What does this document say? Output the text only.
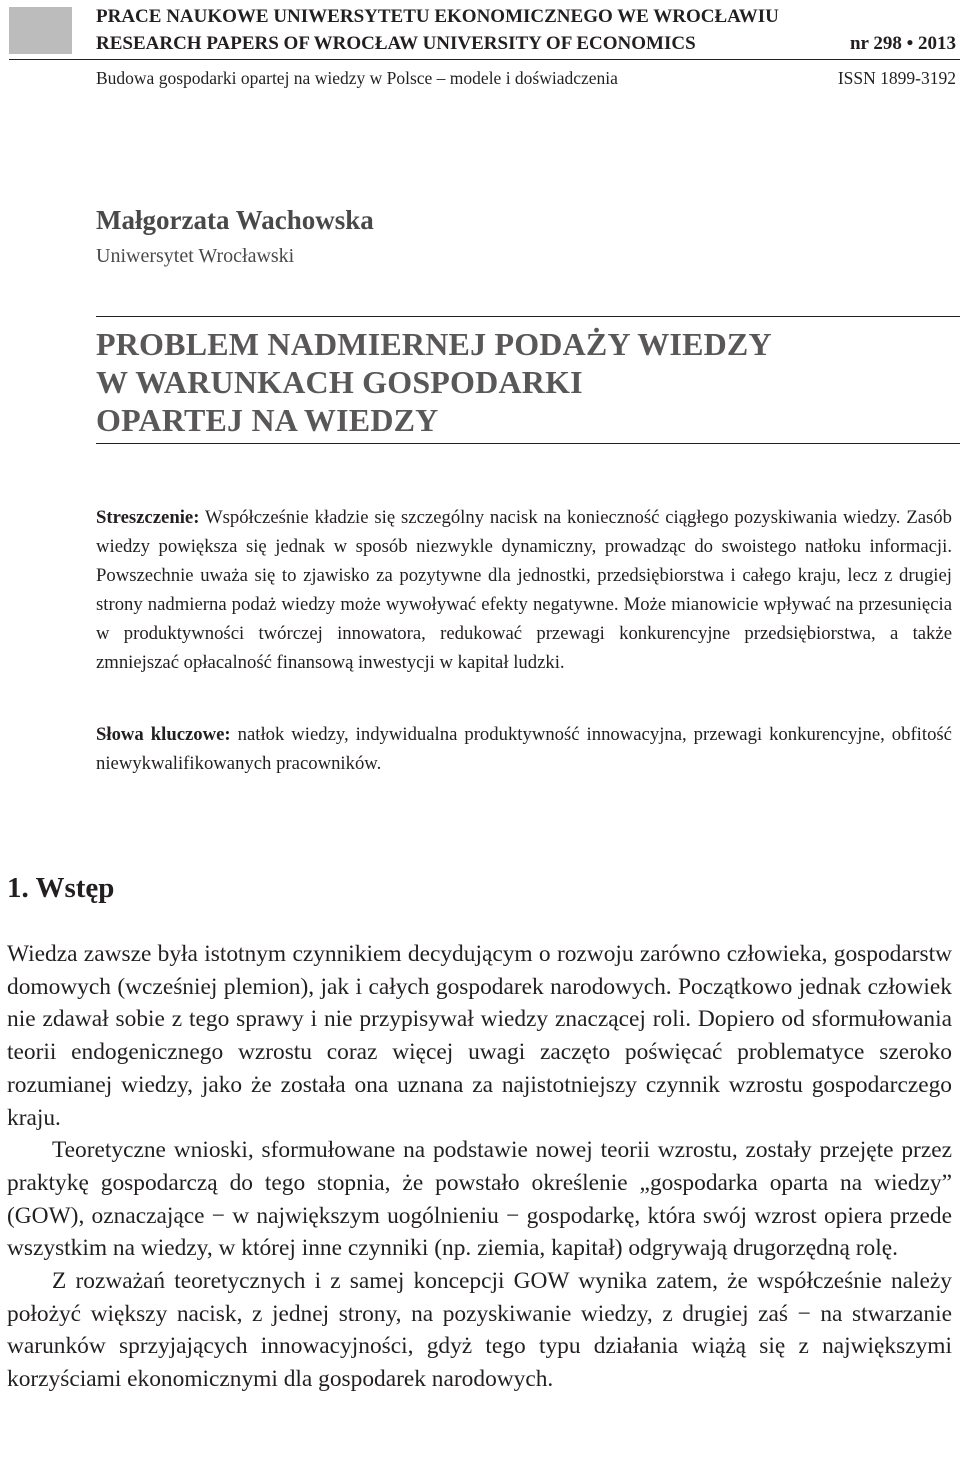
PRACE NAUKOWE UNIWERSYTETU EKONOMICZNEGO WE WROCŁAWIU

RESEARCH PAPERS OF WROCŁAW UNIVERSITY OF ECONOMICS	nr 298 • 2013

Budowa gospodarki opartej na wiedzy w Polsce – modele i doświadczenia	ISSN 1899-3192

Małgorzata Wachowska

Uniwersytet Wrocławski

PROBLEM NADMIERNEJ PODAŻY WIEDZY
W WARUNKACH GOSPODARKI
OPARTEJ NA WIEDZY

Streszczenie: Współcześnie kładzie się szczególny nacisk na konieczność ciągłego pozyskiwania wiedzy. Zasób wiedzy powiększa się jednak w sposób niezwykle dynamiczny, prowadząc do swoistego natłoku informacji. Powszechnie uważa się to zjawisko za pozytywne dla jednostki, przedsiębiorstwa i całego kraju, lecz z drugiej strony nadmierna podaż wiedzy może wywoływać efekty negatywne. Może mianowicie wpływać na przesunięcia w produktywności twórczej innowatora, redukować przewagi konkurencyjne przedsiębiorstwa, a także zmniejszać opłacalność finansową inwestycji w kapitał ludzki.

Słowa kluczowe: natłok wiedzy, indywidualna produktywność innowacyjna, przewagi konkurencyjne, obfitość niewykwalifikowanych pracowników.

1. Wstęp

Wiedza zawsze była istotnym czynnikiem decydującym o rozwoju zarówno człowieka, gospodarstw domowych (wcześniej plemion), jak i całych gospodarek narodowych. Początkowo jednak człowiek nie zdawał sobie z tego sprawy i nie przypisywał wiedzy znaczącej roli. Dopiero od sformułowania teorii endogenicznego wzrostu coraz więcej uwagi zaczęto poświęcać problematyce szeroko rozumianej wiedzy, jako że została ona uznana za najistotniejszy czynnik wzrostu gospodarczego kraju.

Teoretyczne wnioski, sformułowane na podstawie nowej teorii wzrostu, zostały przejęte przez praktykę gospodarczą do tego stopnia, że powstało określenie „gospodarka oparta na wiedzy” (GOW), oznaczające − w największym uogólnieniu − gospodarkę, która swój wzrost opiera przede wszystkim na wiedzy, w której inne czynniki (np. ziemia, kapitał) odgrywają drugorzędną rolę.

Z rozważań teoretycznych i z samej koncepcji GOW wynika zatem, że współcześnie należy położyć większy nacisk, z jednej strony, na pozyskiwanie wiedzy, z drugiej zaś − na stwarzanie warunków sprzyjających innowacyjności, gdyż tego typu działania wiążą się z największymi korzyściami ekonomicznymi dla gospodarek narodowych.
